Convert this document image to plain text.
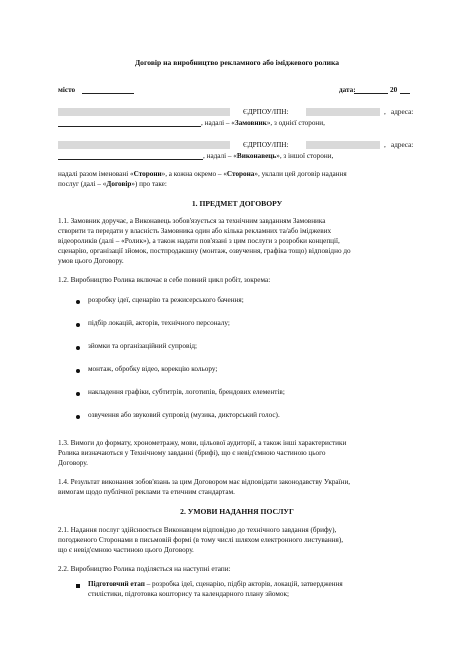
Договір на виробництво рекламного або іміджевого ролика
місто	дата:	20
ЄДРПОУ/ІПН:	, адреса:
, надалі – «Замовник», з однієї сторони,
ЄДРПОУ/ІПН:	, адреса:
, надалі – «Виконавець», з іншої сторони,
надалі разом іменовані «Сторони», а кожна окремо – «Сторона», уклали цей договір надання
послуг (далі – «Договір») про таке:
1. ПРЕДМЕТ ДОГОВОРУ
1.1. Замовник доручає, а Виконавець зобов'язується за технічним завданням Замовника
створити та передати у власність Замовника один або кілька рекламних та/або іміджевих
відеороликів (далі – «Ролик»), а також надати пов'язані з цим послуги з розробки концепції,
сценарію, організації зйомок, постпродакшну (монтаж, озвучення, графіка тощо) відповідно до
умов цього Договору.
1.2. Виробництво Ролика включає в себе повний цикл робіт, зокрема:
розробку ідеї, сценарію та режисерського бачення;
підбір локацій, акторів, технічного персоналу;
зйомки та організаційний супровід;
монтаж, обробку відео, корекцію кольору;
накладення графіки, субтитрів, логотипів, брендових елементів;
озвучення або звуковий супровід (музика, дикторський голос).
1.3. Вимоги до формату, хронометражу, мови, цільової аудиторії, а також інші характеристики
Ролика визначаються у Технічному завданні (брифі), що є невід'ємною частиною цього
Договору.
1.4. Результат виконання зобов'язань за цим Договором має відповідати законодавству України,
вимогам щодо публічної реклами та етичним стандартам.
2. УМОВИ НАДАННЯ ПОСЛУГ
2.1. Надання послуг здійснюється Виконавцем відповідно до технічного завдання (брифу),
погодженого Сторонами в письмовій формі (в тому числі шляхом електронного листування),
що є невід'ємною частиною цього Договору.
2.2. Виробництво Ролика поділяється на наступні етапи:
Підготовчий етап – розробка ідеї, сценарію, підбір акторів, локацій, затвердження
стилістики, підготовка кошторису та календарного плану зйомок;
